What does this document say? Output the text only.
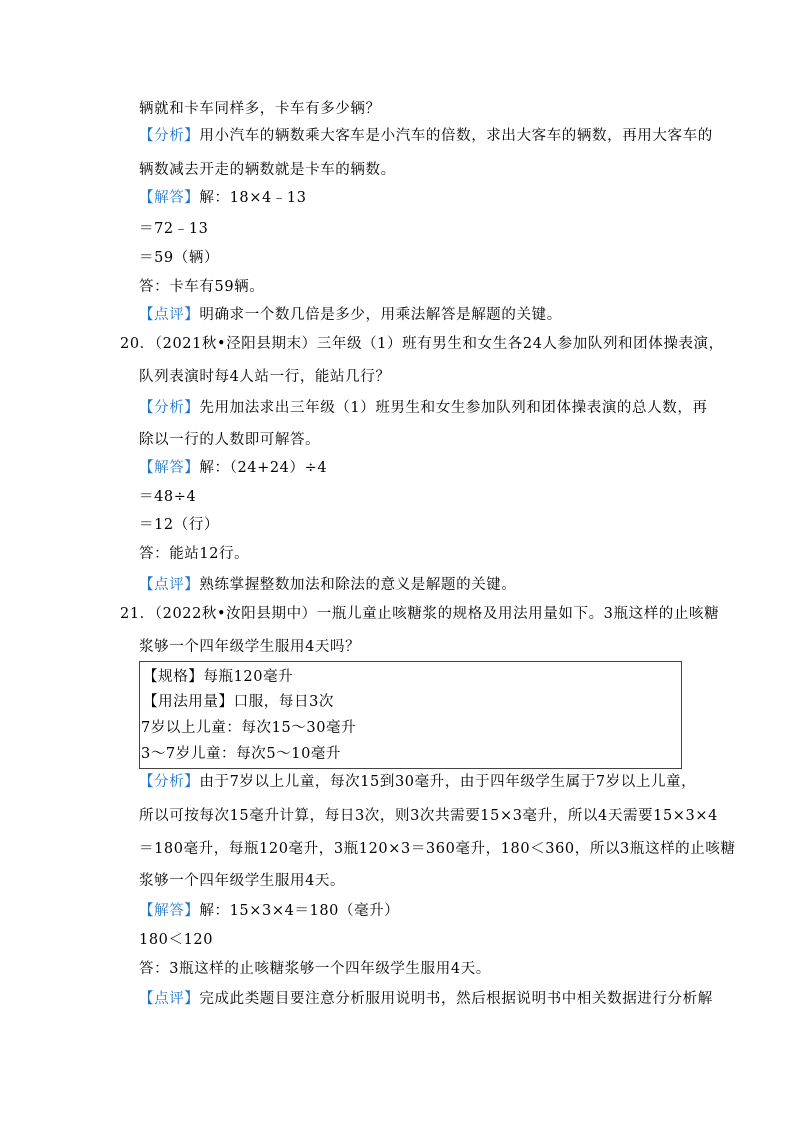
辆就和卡车同样多，卡车有多少辆？
【分析】用小汽车的辆数乘大客车是小汽车的倍数，求出大客车的辆数，再用大客车的
辆数减去开走的辆数就是卡车的辆数。
【解答】解：18×4﹣13
＝72﹣13
＝59（辆）
答：卡车有59辆。
【点评】明确求一个数几倍是多少，用乘法解答是解题的关键。
20．（2021秋•泾阳县期末）三年级（1）班有男生和女生各24人参加队列和团体操表演，
队列表演时每4人站一行，能站几行？
【分析】先用加法求出三年级（1）班男生和女生参加队列和团体操表演的总人数，再
除以一行的人数即可解答。
【解答】解：（24+24）÷4
＝48÷4
＝12（行）
答：能站12行。
【点评】熟练掌握整数加法和除法的意义是解题的关键。
21．（2022秋•汝阳县期中）一瓶儿童止咳糖浆的规格及用法用量如下。3瓶这样的止咳糖
浆够一个四年级学生服用4天吗？
【规格】每瓶120毫升
【用法用量】口服，每日3次
7岁以上儿童：每次15～30毫升
3～7岁儿童：每次5～10毫升
【分析】由于7岁以上儿童，每次15到30毫升，由于四年级学生属于7岁以上儿童，
所以可按每次15毫升计算，每日3次，则3次共需要15×3毫升，所以4天需要15×3×4
＝180毫升，每瓶120毫升，3瓶120×3＝360毫升，180＜360，所以3瓶这样的止咳糖
浆够一个四年级学生服用4天。
【解答】解：15×3×4＝180（毫升）
180＜120
答：3瓶这样的止咳糖浆够一个四年级学生服用4天。
【点评】完成此类题目要注意分析服用说明书，然后根据说明书中相关数据进行分析解
